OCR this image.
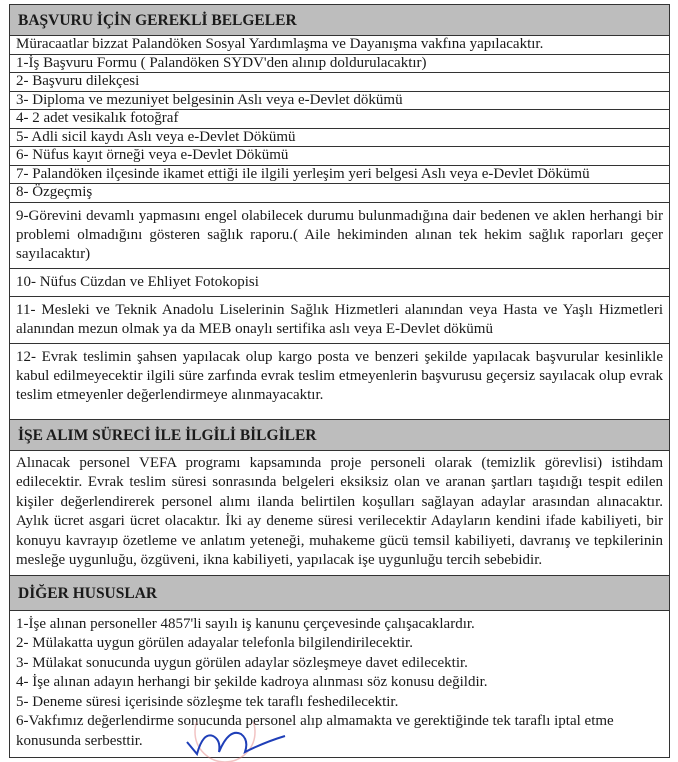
BAŞVURU İÇİN GEREKLİ BELGELER
Müracaatlar bizzat Palandöken Sosyal Yardımlaşma ve Dayanışma vakfına yapılacaktır.
1-İş Başvuru Formu ( Palandöken SYDV'den alınıp doldurulacaktır)
2- Başvuru dilekçesi
3- Diploma ve mezuniyet belgesinin Aslı veya e-Devlet dökümü
4- 2 adet vesikalık fotoğraf
5- Adli sicil kaydı Aslı veya e-Devlet Dökümü
6- Nüfus kayıt örneği veya e-Devlet Dökümü
7- Palandöken ilçesinde ikamet ettiği ile ilgili yerleşim yeri belgesi Aslı veya e-Devlet Dökümü
8- Özgeçmiş
9-Görevini devamlı yapmasını engel olabilecek durumu bulunmadığına dair bedenen ve aklen herhangi bir problemi olmadığını gösteren sağlık raporu.( Aile hekiminden alınan tek hekim sağlık raporları geçer sayılacaktır)
10- Nüfus Cüzdan ve Ehliyet Fotokopisi
11- Mesleki ve Teknik Anadolu Liselerinin Sağlık Hizmetleri alanından veya Hasta ve Yaşlı Hizmetleri alanından mezun olmak ya da MEB onaylı sertifika aslı veya E-Devlet dökümü
12- Evrak teslimin şahsen yapılacak olup kargo posta ve benzeri şekilde yapılacak başvurular kesinlikle kabul edilmeyecektir ilgili süre zarfında evrak teslim etmeyenlerin başvurusu geçersiz sayılacak olup evrak teslim etmeyenler değerlendirmeye alınmayacaktır.
İŞE ALIM SÜRECİ İLE İLGİLİ BİLGİLER
Alınacak personel VEFA programı kapsamında proje personeli olarak (temizlik görevlisi) istihdam edilecektir. Evrak teslim süresi sonrasında belgeleri eksiksiz olan ve aranan şartları taşıdığı tespit edilen kişiler değerlendirerek personel alımı ilanda belirtilen koşulları sağlayan adaylar arasından alınacaktır. Aylık ücret asgari ücret olacaktır. İki ay deneme süresi verilecektir Adayların kendini ifade kabiliyeti, bir konuyu kavrayıp özetleme ve anlatım yeteneği, muhakeme gücü temsil kabiliyeti, davranış ve tepkilerinin mesleğe uygunluğu, özgüveni, ikna kabiliyeti, yapılacak işe uygunluğu tercih sebebidir.
DİĞER HUSUSLAR
1-İşe alınan personeller 4857'li sayılı iş kanunu çerçevesinde çalışacaklardır.
2- Mülakatta uygun görülen adayalar telefonla bilgilendirilecektir.
3- Mülakat sonucunda uygun görülen adaylar sözleşmeye davet edilecektir.
4- İşe alınan adayın herhangi bir şekilde kadroya alınması söz konusu değildir.
5- Deneme süresi içerisinde sözleşme tek taraflı feshedilecektir.
6-Vakfımız değerlendirme sonucunda personel alıp almamakta ve gerektiğinde tek taraflı iptal etme konusunda serbesttir.
